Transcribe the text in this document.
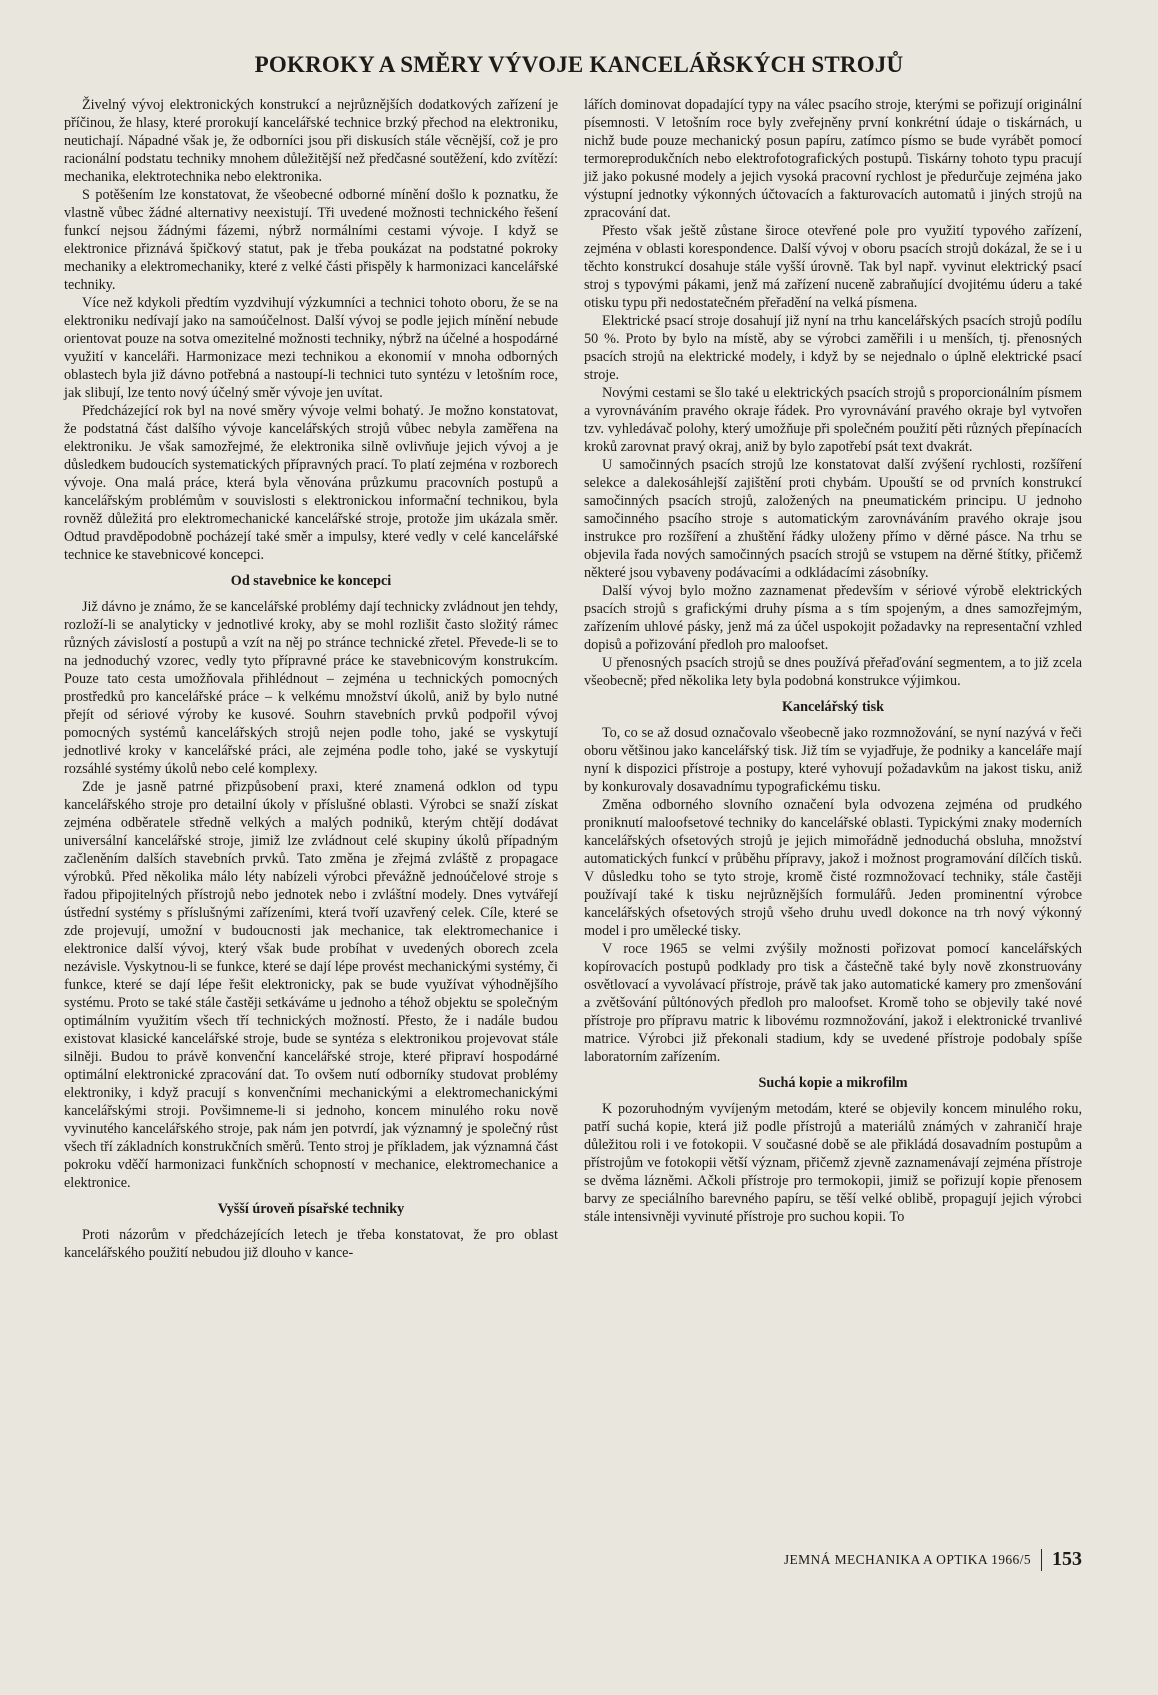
POKROKY A SMĚRY VÝVOJE KANCELÁŘSKÝCH STROJŮ

Živelný vývoj elektronických konstrukcí a nejrůznějších dodatkových zařízení je příčinou, že hlasy, které prorokují kancelářské technice brzký přechod na elektroniku, neutichají. Nápadné však je, že odborníci jsou při diskusích stále věcnější, což je pro racionální podstatu techniky mnohem důležitější než předčasné soutěžení, kdo zvítězí: mechanika, elektrotechnika nebo elektronika.

S potěšením lze konstatovat, že všeobecné odborné mínění došlo k poznatku, že vlastně vůbec žádné alternativy neexistují. Tři uvedené možnosti technického řešení funkcí nejsou žádnými fázemi, nýbrž normálními cestami vývoje. I když se elektronice přiznává špičkový statut, pak je třeba poukázat na podstatné pokroky mechaniky a elektromechaniky, které z velké části přispěly k harmonizaci kancelářské techniky.

Více než kdykoli předtím vyzdvihují výzkumníci a technici tohoto oboru, že se na elektroniku nedívají jako na samoúčelnost. Další vývoj se podle jejich mínění nebude orientovat pouze na sotva omezitelné možnosti techniky, nýbrž na účelné a hospodárné využití v kanceláři. Harmonizace mezi technikou a ekonomií v mnoha odborných oblastech byla již dávno potřebná a nastoupí-li technici tuto syntézu v letošním roce, jak slibují, lze tento nový účelný směr vývoje jen uvítat.

Předcházející rok byl na nové směry vývoje velmi bohatý. Je možno konstatovat, že podstatná část dalšího vývoje kancelářských strojů vůbec nebyla zaměřena na elektroniku. Je však samozřejmé, že elektronika silně ovlivňuje jejich vývoj a je důsledkem budoucích systematických přípravných prací. To platí zejména v rozborech vývoje. Ona malá práce, která byla věnována průzkumu pracovních postupů a kancelářským problémům v souvislosti s elektronickou informační technikou, byla rovněž důležitá pro elektromechanické kancelářské stroje, protože jim ukázala směr. Odtud pravděpodobně pocházejí také směr a impulsy, které vedly v celé kancelářské technice ke stavebnicové koncepci.

Od stavebnice ke koncepci

Již dávno je známo, že se kancelářské problémy dají technicky zvládnout jen tehdy, rozloží-li se analyticky v jednotlivé kroky, aby se mohl rozlišit často složitý rámec různých závislostí a postupů a vzít na něj po stránce technické zřetel. Převede-li se to na jednoduchý vzorec, vedly tyto přípravné práce ke stavebnicovým konstrukcím. Pouze tato cesta umožňovala přihlédnout – zejména u technických pomocných prostředků pro kancelářské práce – k velkému množství úkolů, aniž by bylo nutné přejít od sériové výroby ke kusové. Souhrn stavebních prvků podpořil vývoj pomocných systémů kancelářských strojů nejen podle toho, jaké se vyskytují jednotlivé kroky v kancelářské práci, ale zejména podle toho, jaké se vyskytují rozsáhlé systémy úkolů nebo celé komplexy.

Zde je jasně patrné přizpůsobení praxi, které znamená odklon od typu kancelářského stroje pro detailní úkoly v příslušné oblasti. Výrobci se snaží získat zejména odběratele středně velkých a malých podniků, kterým chtějí dodávat universální kancelářské stroje, jimiž lze zvládnout celé skupiny úkolů případným začleněním dalších stavebních prvků. Tato změna je zřejmá zvláště z propagace výrobků. Před několika málo léty nabízeli výrobci převážně jednoúčelové stroje s řadou připojitelných přístrojů nebo jednotek nebo i zvláštní modely. Dnes vytvářejí ústřední systémy s příslušnými zařízeními, která tvoří uzavřený celek. Cíle, které se zde projevují, umožní v budoucnosti jak mechanice, tak elektromechanice i elektronice další vývoj, který však bude probíhat v uvedených oborech zcela nezávisle. Vyskytnou-li se funkce, které se dají lépe provést mechanickými systémy, či funkce, které se dají lépe řešit elektronicky, pak se bude využívat výhodnějšího systému. Proto se také stále častěji setkáváme u jednoho a téhož objektu se společným optimálním využitím všech tří technických možností. Přesto, že i nadále budou existovat klasické kancelářské stroje, bude se syntéza s elektronikou projevovat stále silněji. Budou to právě konvenční kancelářské stroje, které připraví hospodárné optimální elektronické zpracování dat. To ovšem nutí odborníky studovat problémy elektroniky, i když pracují s konvenčními mechanickými a elektromechanickými kancelářskými stroji. Povšimneme-li si jednoho, koncem minulého roku nově vyvinutého kancelářského stroje, pak nám jen potvrdí, jak významný je společný růst všech tří základních konstrukčních směrů. Tento stroj je příkladem, jak významná část pokroku vděčí harmonizaci funkčních schopností v mechanice, elektromechanice a elektronice.

Vyšší úroveň písařské techniky

Proti názorům v předcházejících letech je třeba konstatovat, že pro oblast kancelářského použití nebudou již dlouho v kance-

lářích dominovat dopadající typy na válec psacího stroje, kterými se pořizují originální písemnosti. V letošním roce byly zveřejněny první konkrétní údaje o tiskárnách, u nichž bude pouze mechanický posun papíru, zatímco písmo se bude vyrábět pomocí termoreprodukčních nebo elektrofotografických postupů. Tiskárny tohoto typu pracují již jako pokusné modely a jejich vysoká pracovní rychlost je předurčuje zejména jako výstupní jednotky výkonných účtovacích a fakturovacích automatů i jiných strojů na zpracování dat.

Přesto však ještě zůstane široce otevřené pole pro využití typového zařízení, zejména v oblasti korespondence. Další vývoj v oboru psacích strojů dokázal, že se i u těchto konstrukcí dosahuje stále vyšší úrovně. Tak byl např. vyvinut elektrický psací stroj s typovými pákami, jenž má zařízení nuceně zabraňující dvojitému úderu a také otisku typu při nedostatečném přeřadění na velká písmena.

Elektrické psací stroje dosahují již nyní na trhu kancelářských psacích strojů podílu 50 %. Proto by bylo na místě, aby se výrobci zaměřili i u menších, tj. přenosných psacích strojů na elektrické modely, i když by se nejednalo o úplně elektrické psací stroje.

Novými cestami se šlo také u elektrických psacích strojů s proporcionálním písmem a vyrovnáváním pravého okraje řádek. Pro vyrovnávání pravého okraje byl vytvořen tzv. vyhledávač polohy, který umožňuje při společném použití pěti různých přepínacích kroků zarovnat pravý okraj, aniž by bylo zapotřebí psát text dvakrát.

U samočinných psacích strojů lze konstatovat další zvýšení rychlosti, rozšíření selekce a dalekosáhlejší zajištění proti chybám. Upouští se od prvních konstrukcí samočinných psacích strojů, založených na pneumatickém principu. U jednoho samočinného psacího stroje s automatickým zarovnáváním pravého okraje jsou instrukce pro rozšíření a zhuštění řádky uloženy přímo v děrné pásce. Na trhu se objevila řada nových samočinných psacích strojů se vstupem na děrné štítky, přičemž některé jsou vybaveny podávacími a odkládacími zásobníky.

Další vývoj bylo možno zaznamenat především v sériové výrobě elektrických psacích strojů s grafickými druhy písma a s tím spojeným, a dnes samozřejmým, zařízením uhlové pásky, jenž má za účel uspokojit požadavky na representační vzhled dopisů a pořizování předloh pro maloofset.

U přenosných psacích strojů se dnes používá přeřaďování segmentem, a to již zcela všeobecně; před několika lety byla podobná konstrukce výjimkou.

Kancelářský tisk

To, co se až dosud označovalo všeobecně jako rozmnožování, se nyní nazývá v řeči oboru většinou jako kancelářský tisk. Již tím se vyjadřuje, že podniky a kanceláře mají nyní k dispozici přístroje a postupy, které vyhovují požadavkům na jakost tisku, aniž by konkurovaly dosavadnímu typografickému tisku.

Změna odborného slovního označení byla odvozena zejména od prudkého proniknutí maloofsetové techniky do kancelářské oblasti. Typickými znaky moderních kancelářských ofsetových strojů je jejich mimořádně jednoduchá obsluha, množství automatických funkcí v průběhu přípravy, jakož i možnost programování dílčích tisků. V důsledku toho se tyto stroje, kromě čisté rozmnožovací techniky, stále častěji používají také k tisku nejrůznějších formulářů. Jeden prominentní výrobce kancelářských ofsetových strojů všeho druhu uvedl dokonce na trh nový výkonný model i pro umělecké tisky.

V roce 1965 se velmi zvýšily možnosti pořizovat pomocí kancelářských kopírovacích postupů podklady pro tisk a částečně také byly nově zkonstruovány osvětlovací a vyvolávací přístroje, právě tak jako automatické kamery pro zmenšování a zvětšování půltónových předloh pro maloofset. Kromě toho se objevily také nové přístroje pro přípravu matric k libovému rozmnožování, jakož i elektronické trvanlivé matrice. Výrobci již překonali stadium, kdy se uvedené přístroje podobaly spíše laboratorním zařízením.

Suchá kopie a mikrofilm

K pozoruhodným vyvíjeným metodám, které se objevily koncem minulého roku, patří suchá kopie, která již podle přístrojů a materiálů známých v zahraničí hraje důležitou roli i ve fotokopii. V současné době se ale přikládá dosavadním postupům a přístrojům ve fotokopii větší význam, přičemž zjevně zaznamenávají zejména přístroje se dvěma lázněmi. Ačkoli přístroje pro termokopii, jimiž se pořizují kopie přenosem barvy ze speciálního barevného papíru, se těší velké oblibě, propagují jejich výrobci stále intensivněji vyvinuté přístroje pro suchou kopii. To

JEMNÁ MECHANIKA A OPTIKA 1966/5 153
